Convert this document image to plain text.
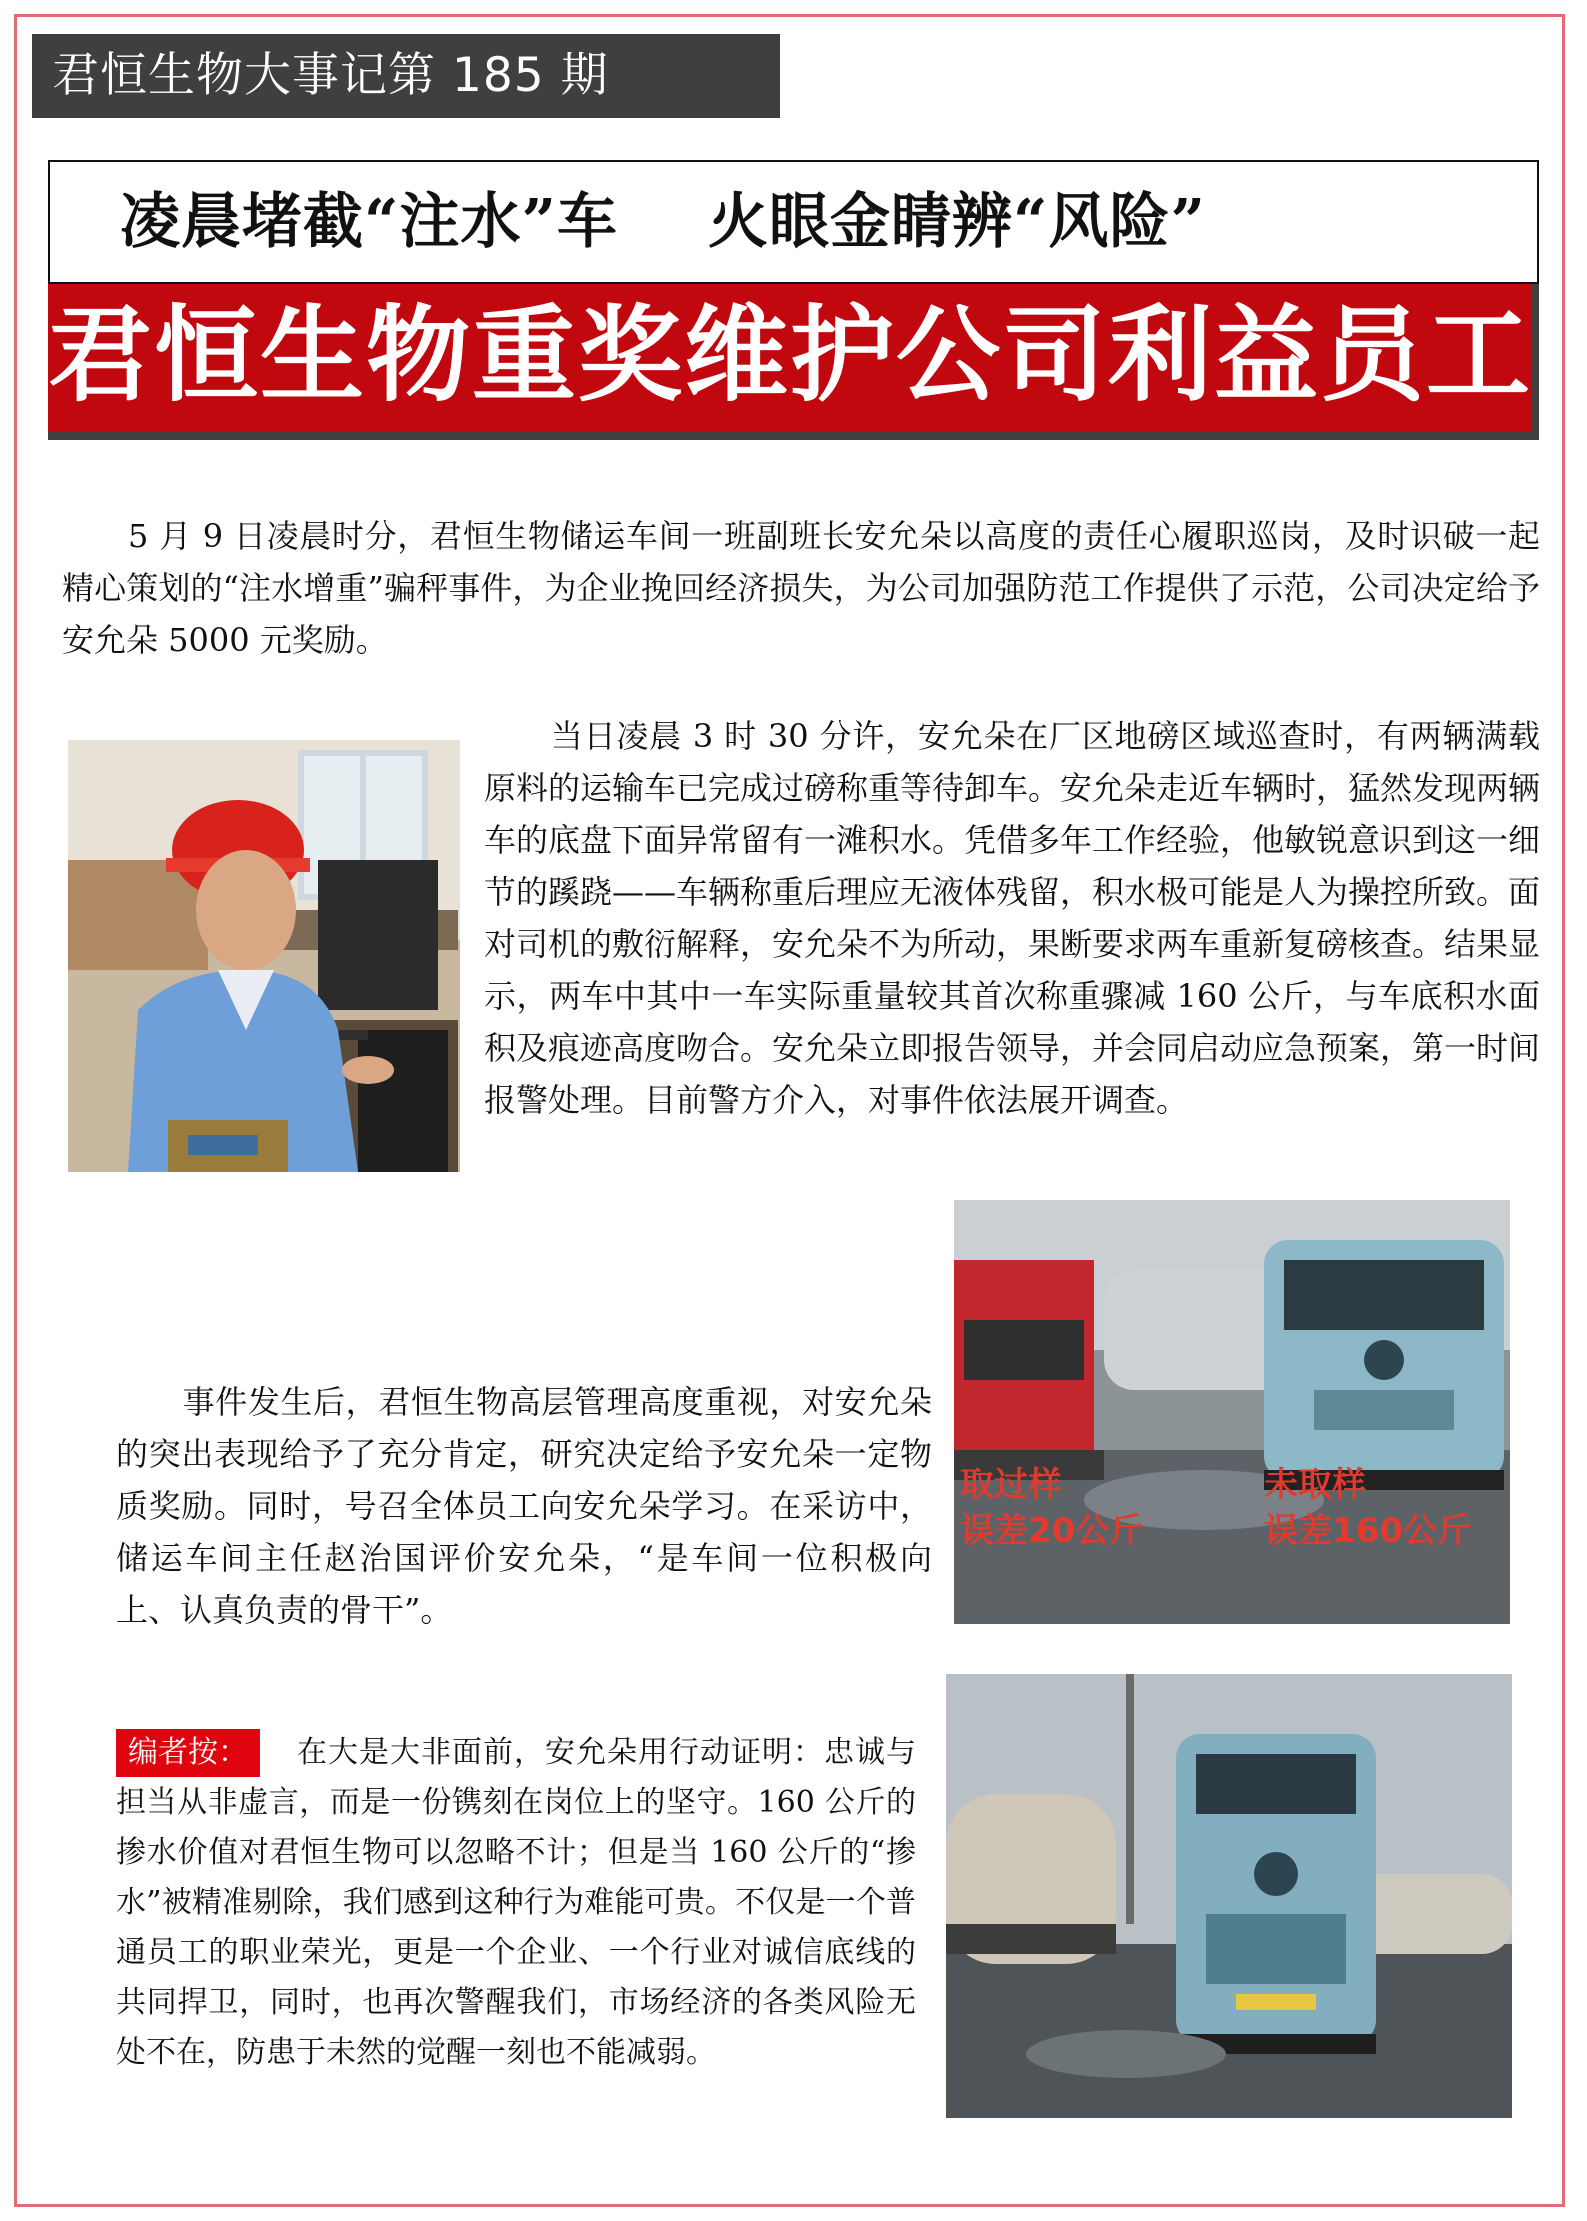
君恒生物大事记第 185 期
凌晨堵截“注水”车 火眼金睛辨“风险”
君恒生物重奖维护公司利益员工
5 月 9 日凌晨时分，君恒生物储运车间一班副班长安允朵以高度的责任心履职巡岗，及时识破一起精心策划的“注水增重”骗秤事件，为企业挽回经济损失，为公司加强防范工作提供了示范，公司决定给予安允朵 5000 元奖励。
当日凌晨 3 时 30 分许，安允朵在厂区地磅区域巡查时，有两辆满载原料的运输车已完成过磅称重等待卸车。安允朵走近车辆时，猛然发现两辆车的底盘下面异常留有一滩积水。凭借多年工作经验，他敏锐意识到这一细节的蹊跷——车辆称重后理应无液体残留，积水极可能是人为操控所致。面对司机的敷衍解释，安允朵不为所动，果断要求两车重新复磅核查。结果显示，两车中其中一车实际重量较其首次称重骤减 160 公斤，与车底积水面积及痕迹高度吻合。安允朵立即报告领导，并会同启动应急预案，第一时间报警处理。目前警方介入，对事件依法展开调查。
取过样
误差20公斤
未取样
误差160公斤
事件发生后，君恒生物高层管理高度重视，对安允朵的突出表现给予了充分肯定，研究决定给予安允朵一定物质奖励。同时，号召全体员工向安允朵学习。在采访中，储运车间主任赵治国评价安允朵，“是车间一位积极向上、认真负责的骨干”。
编者按： 在大是大非面前，安允朵用行动证明：忠诚与担当从非虚言，而是一份镌刻在岗位上的坚守。160 公斤的掺水价值对君恒生物可以忽略不计；但是当 160 公斤的“掺水”被精准剔除，我们感到这种行为难能可贵。不仅是一个普通员工的职业荣光，更是一个企业、一个行业对诚信底线的共同捍卫，同时，也再次警醒我们，市场经济的各类风险无处不在，防患于未然的觉醒一刻也不能减弱。
